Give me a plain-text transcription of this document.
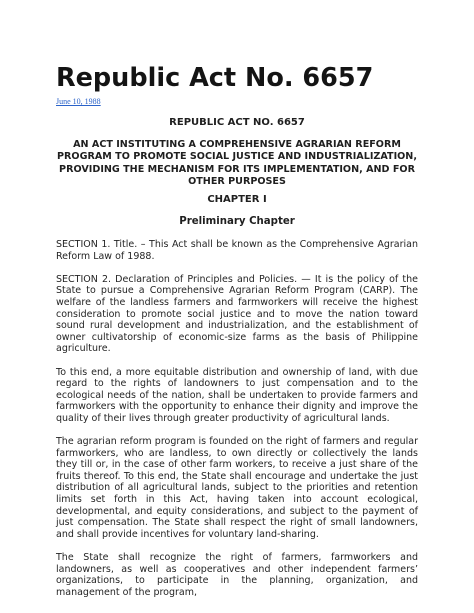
Republic Act No. 6657
June 10, 1988
REPUBLIC ACT NO. 6657
AN ACT INSTITUTING A COMPREHENSIVE AGRARIAN REFORM PROGRAM TO PROMOTE SOCIAL JUSTICE AND INDUSTRIALIZATION, PROVIDING THE MECHANISM FOR ITS IMPLEMENTATION, AND FOR OTHER PURPOSES
CHAPTER I
Preliminary Chapter

SECTION 1. Title. – This Act shall be known as the Comprehensive Agrarian Reform Law of 1988.

SECTION 2. Declaration of Principles and Policies. — It is the policy of the State to pursue a Comprehensive Agrarian Reform Program (CARP). The welfare of the landless farmers and farmworkers will receive the highest consideration to promote social justice and to move the nation toward sound rural development and industrialization, and the establishment of owner cultivatorship of economic-size farms as the basis of Philippine agriculture.

To this end, a more equitable distribution and ownership of land, with due regard to the rights of landowners to just compensation and to the ecological needs of the nation, shall be undertaken to provide farmers and farmworkers with the opportunity to enhance their dignity and improve the quality of their lives through greater productivity of agricultural lands.

The agrarian reform program is founded on the right of farmers and regular farmworkers, who are landless, to own directly or collectively the lands they till or, in the case of other farm workers, to receive a just share of the fruits thereof. To this end, the State shall encourage and undertake the just distribution of all agricultural lands, subject to the priorities and retention limits set forth in this Act, having taken into account ecological, developmental, and equity considerations, and subject to the payment of just compensation. The State shall respect the right of small landowners, and shall provide incentives for voluntary land-sharing.

The State shall recognize the right of farmers, farmworkers and landowners, as well as cooperatives and other independent farmers’ organizations, to participate in the planning, organization, and management of the program,
